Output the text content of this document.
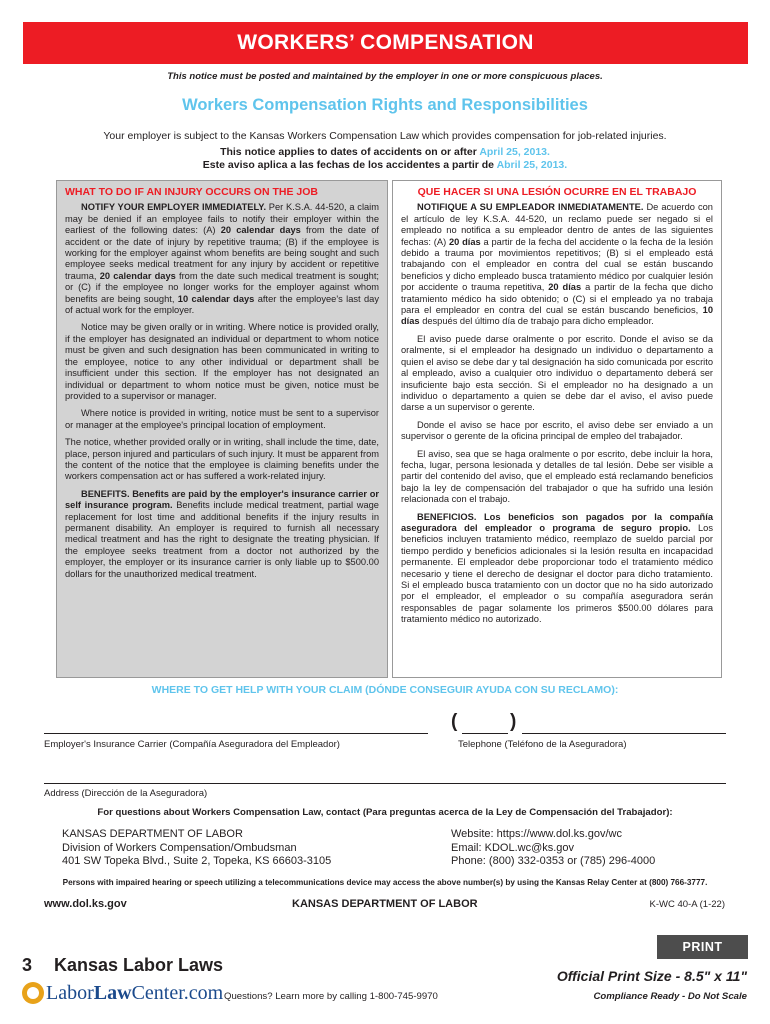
WORKERS’ COMPENSATION
This notice must be posted and maintained by the employer in one or more conspicuous places.
Workers Compensation Rights and Responsibilities
Your employer is subject to the Kansas Workers Compensation Law which provides compensation for job-related injuries.
This notice applies to dates of accidents on or after April 25, 2013.
Este aviso aplica a las fechas de los accidentes a partir de Abril 25, 2013.
WHAT TO DO IF AN INJURY OCCURS ON THE JOB

NOTIFY YOUR EMPLOYER IMMEDIATELY. Per K.S.A. 44-520, a claim may be denied if an employee fails to notify their employer within the earliest of the following dates: (A) 20 calendar days from the date of accident or the date of injury by repetitive trauma; (B) if the employee is working for the employer against whom benefits are being sought and such employee seeks medical treatment for any injury by accident or repetitive trauma, 20 calendar days from the date such medical treatment is sought; or (C) if the employee no longer works for the employer against whom benefits are being sought, 10 calendar days after the employee's last day of actual work for the employer.

Notice may be given orally or in writing. Where notice is provided orally, if the employer has designated an individual or department to whom notice must be given and such designation has been communicated in writing to the employee, notice to any other individual or department shall be insufficient under this section. If the employer has not designated an individual or department to whom notice must be given, notice must be provided to a supervisor or manager.

Where notice is provided in writing, notice must be sent to a supervisor or manager at the employee's principal location of employment.

The notice, whether provided orally or in writing, shall include the time, date, place, person injured and particulars of such injury. It must be apparent from the content of the notice that the employee is claiming benefits under the workers compensation act or has suffered a work-related injury.

BENEFITS. Benefits are paid by the employer's insurance carrier or self insurance program. Benefits include medical treatment, partial wage replacement for lost time and additional benefits if the injury results in permanent disability. An employer is required to furnish all necessary medical treatment and has the right to designate the treating physician. If the employee seeks treatment from a doctor not authorized by the employer, the employer or its insurance carrier is only liable up to $500.00 dollars for the unauthorized medical treatment.

QUE HACER SI UNA LESIÓN OCURRE EN EL TRABAJO

NOTIFIQUE A SU EMPLEADOR INMEDIATAMENTE. De acuerdo con el artículo de ley K.S.A. 44-520, un reclamo puede ser negado si el empleado no notifica a su empleador dentro de antes de las siguientes fechas: (A) 20 días a partir de la fecha del accidente o la fecha de la lesión debido a trauma por movimientos repetitivos; (B) si el empleado está trabajando con el empleador en contra del cual se están buscando beneficios y dicho empleado busca tratamiento médico por cualquier lesión por accidente o trauma repetitiva, 20 días a partir de la fecha que dicho tratamiento médico ha sido obtenido; o (C) si el empleado ya no trabaja para el empleador en contra del cual se están buscando beneficios, 10 días después del último día de trabajo para dicho empleador.

El aviso puede darse oralmente o por escrito. Donde el aviso se da oralmente, si el empleador ha designado un individuo o departamento a quien el aviso se debe dar y tal designación ha sido comunicada por escrito al empleado, aviso a cualquier otro individuo o departamento deberá ser insuficiente bajo esta sección. Si el empleador no ha designado a un individuo o departamento a quien se debe dar el aviso, el aviso puede darse a un supervisor o gerente.

Donde el aviso se hace por escrito, el aviso debe ser enviado a un supervisor o gerente de la oficina principal de empleo del trabajador.

El aviso, sea que se haga oralmente o por escrito, debe incluir la hora, fecha, lugar, persona lesionada y detalles de tal lesión. Debe ser visible a partir del contenido del aviso, que el empleado está reclamando beneficios bajo la ley de compensación del trabajador o que ha sufrido una lesión relacionada con el trabajo.

BENEFICIOS. Los beneficios son pagados por la compañía aseguradora del empleador o programa de seguro propio. Los beneficios incluyen tratamiento médico, reemplazo de sueldo parcial por tiempo perdido y beneficios adicionales si la lesión resulta en incapacidad permanente. El empleador debe proporcionar todo el tratamiento médico necesario y tiene el derecho de designar el doctor para dicho tratamiento. Si el empleado busca tratamiento con un doctor que no ha sido autorizado por el empleador, el empleador o su compañía aseguradora serán responsables de pagar solamente los primeros $500.00 dólares para tratamiento médico no autorizado.

WHERE TO GET HELP WITH YOUR CLAIM (DÓNDE CONSEGUIR AYUDA CON SU RECLAMO):
(	)
Employer's Insurance Carrier (Compañía Aseguradora del Empleador)	Telephone (Teléfono de la Aseguradora)
Address (Dirección de la Aseguradora)
For questions about Workers Compensation Law, contact (Para preguntas acerca de la Ley de Compensación del Trabajador):
KANSAS DEPARTMENT OF LABOR
Division of Workers Compensation/Ombudsman
401 SW Topeka Blvd., Suite 2, Topeka, KS 66603-3105
Website: https://www.dol.ks.gov/wc
Email: KDOL.wc@ks.gov
Phone: (800) 332-0353 or (785) 296-4000
Persons with impaired hearing or speech utilizing a telecommunications device may access the above number(s) by using the Kansas Relay Center at (800) 766-3777.
www.dol.ks.gov	KANSAS DEPARTMENT OF LABOR	K-WC 40-A (1-22)
PRINT
3 Kansas Labor Laws
LaborLawCenter.com Questions? Learn more by calling 1-800-745-9970
Official Print Size - 8.5" x 11"
Compliance Ready - Do Not Scale
